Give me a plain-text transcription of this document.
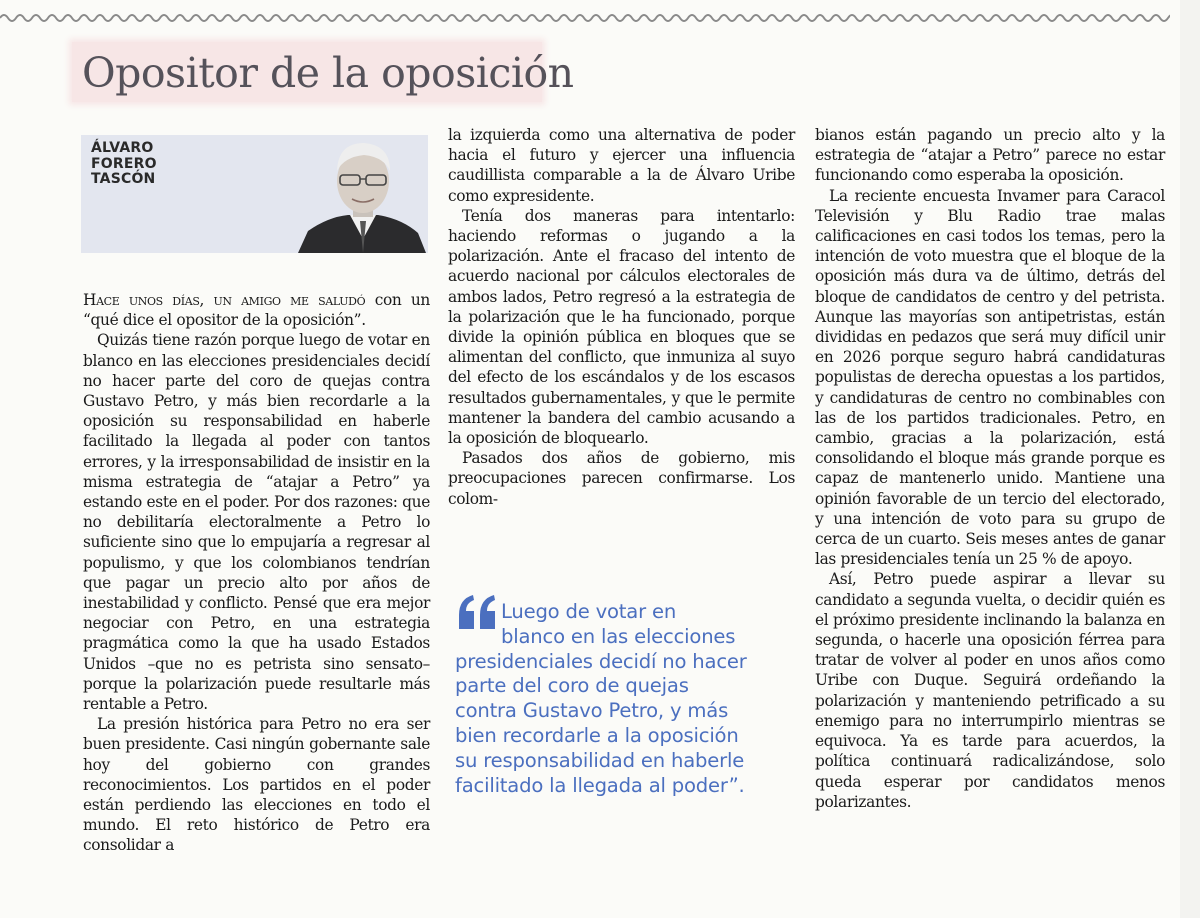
Opositor de la oposición
ÁLVARO
FORERO
TASCÓN

Hace unos días, un amigo me saludó con un “qué dice el opositor de la oposición”.

Quizás tiene razón porque luego de votar en blanco en las elecciones presidenciales decidí no hacer parte del coro de quejas contra Gustavo Petro, y más bien recordarle a la oposición su responsabilidad en haberle facilitado la llegada al poder con tantos errores, y la irresponsabilidad de insistir en la misma estrategia de “atajar a Petro” ya estando este en el poder. Por dos razones: que no debilitaría electoralmente a Petro lo suficiente sino que lo empujaría a regresar al populismo, y que los colombianos tendrían que pagar un precio alto por años de inestabilidad y conflicto. Pensé que era mejor negociar con Petro, en una estrategia pragmática como la que ha usado Estados Unidos –que no es petrista sino sensato– porque la polarización puede resultarle más rentable a Petro.

La presión histórica para Petro no era ser buen presidente. Casi ningún gobernante sale hoy del gobierno con grandes reconocimientos. Los partidos en el poder están perdiendo las elecciones en todo el mundo. El reto histórico de Petro era consolidar a

la izquierda como una alternativa de poder hacia el futuro y ejercer una influencia caudillista comparable a la de Álvaro Uribe como expresidente.

Tenía dos maneras para intentarlo: haciendo reformas o jugando a la polarización. Ante el fracaso del intento de acuerdo nacional por cálculos electorales de ambos lados, Petro regresó a la estrategia de la polarización que le ha funcionado, porque divide la opinión pública en bloques que se alimentan del conflicto, que inmuniza al suyo del efecto de los escándalos y de los escasos resultados gubernamentales, y que le permite mantener la bandera del cambio acusando a la oposición de bloquearlo.

Pasados dos años de gobierno, mis preocupaciones parecen confirmarse. Los colom-

Luego de votar en
blanco en las elecciones
presidenciales decidí no hacer
parte del coro de quejas
contra Gustavo Petro, y más
bien recordarle a la oposición
su responsabilidad en haberle
facilitado la llegada al poder”.

bianos están pagando un precio alto y la estrategia de “atajar a Petro” parece no estar funcionando como esperaba la oposición.

La reciente encuesta Invamer para Caracol Televisión y Blu Radio trae malas calificaciones en casi todos los temas, pero la intención de voto muestra que el bloque de la oposición más dura va de último, detrás del bloque de candidatos de centro y del petrista. Aunque las mayorías son antipetristas, están divididas en pedazos que será muy difícil unir en 2026 porque seguro habrá candidaturas populistas de derecha opuestas a los partidos, y candidaturas de centro no combinables con las de los partidos tradicionales. Petro, en cambio, gracias a la polarización, está consolidando el bloque más grande porque es capaz de mantenerlo unido. Mantiene una opinión favorable de un tercio del electorado, y una intención de voto para su grupo de cerca de un cuarto. Seis meses antes de ganar las presidenciales tenía un 25 % de apoyo.

Así, Petro puede aspirar a llevar su candidato a segunda vuelta, o decidir quién es el próximo presidente inclinando la balanza en segunda, o hacerle una oposición férrea para tratar de volver al poder en unos años como Uribe con Duque. Seguirá ordeñando la polarización y manteniendo petrificado a su enemigo para no interrumpirlo mientras se equivoca. Ya es tarde para acuerdos, la política continuará radicalizándose, solo queda esperar por candidatos menos polarizantes.
